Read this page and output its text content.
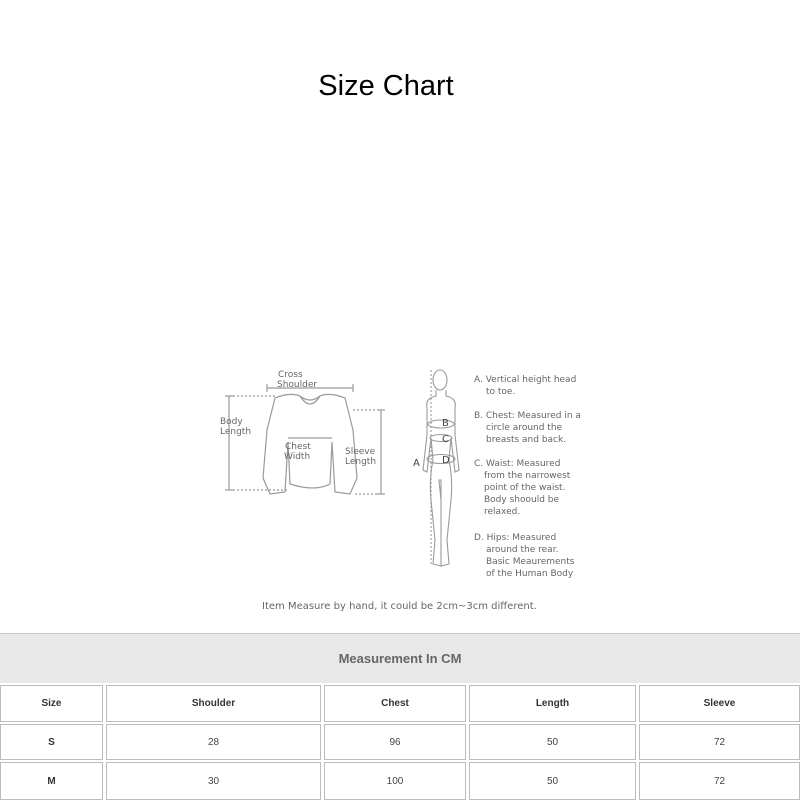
Size Chart
Cross
Shoulder
Body
Length
Chest
Width	Sleeve
Length	A
B
C
D
A. Vertical height head
to toe.
B. Chest: Measured in a
circle around the
breasts and back.
C. Waist: Measured
from the narrowest
point of the waist.
Body shoould be
relaxed.
D. Hips: Measured
around the rear.
Basic Meaurements
of the Human Body
Item Measure by hand, it could be 2cm~3cm different.
Measurement In CM
Size	Shoulder	Chest	Length	Sleeve
S	28	96	50	72
M	30	100	50	72
